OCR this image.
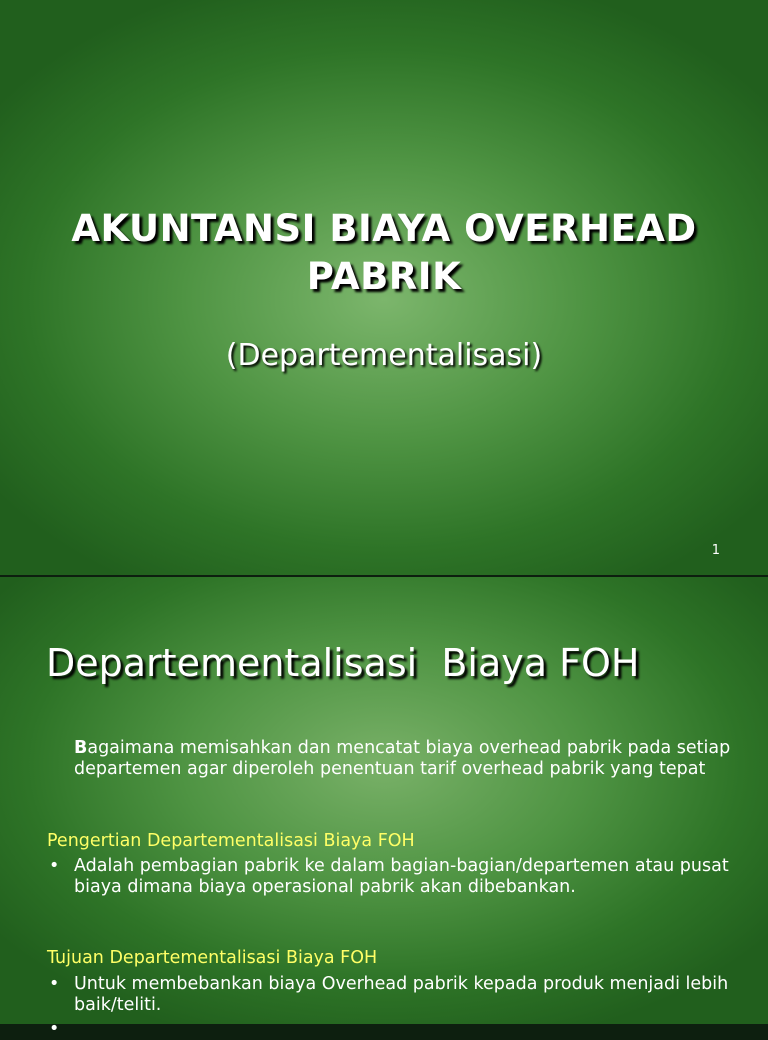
AKUNTANSI BIAYA OVERHEAD
PABRIK
(Departementalisasi)
1
Departementalisasi  Biaya FOH
Bagaimana memisahkan dan mencatat biaya overhead pabrik pada setiap departemen agar diperoleh penentuan tarif overhead pabrik yang tepat
Pengertian Departementalisasi Biaya FOH
• Adalah pembagian pabrik ke dalam bagian-bagian/departemen atau pusat biaya dimana biaya operasional pabrik akan dibebankan.
Tujuan Departementalisasi Biaya FOH
• Untuk membebankan biaya Overhead pabrik kepada produk menjadi lebih baik/teliti.
•
